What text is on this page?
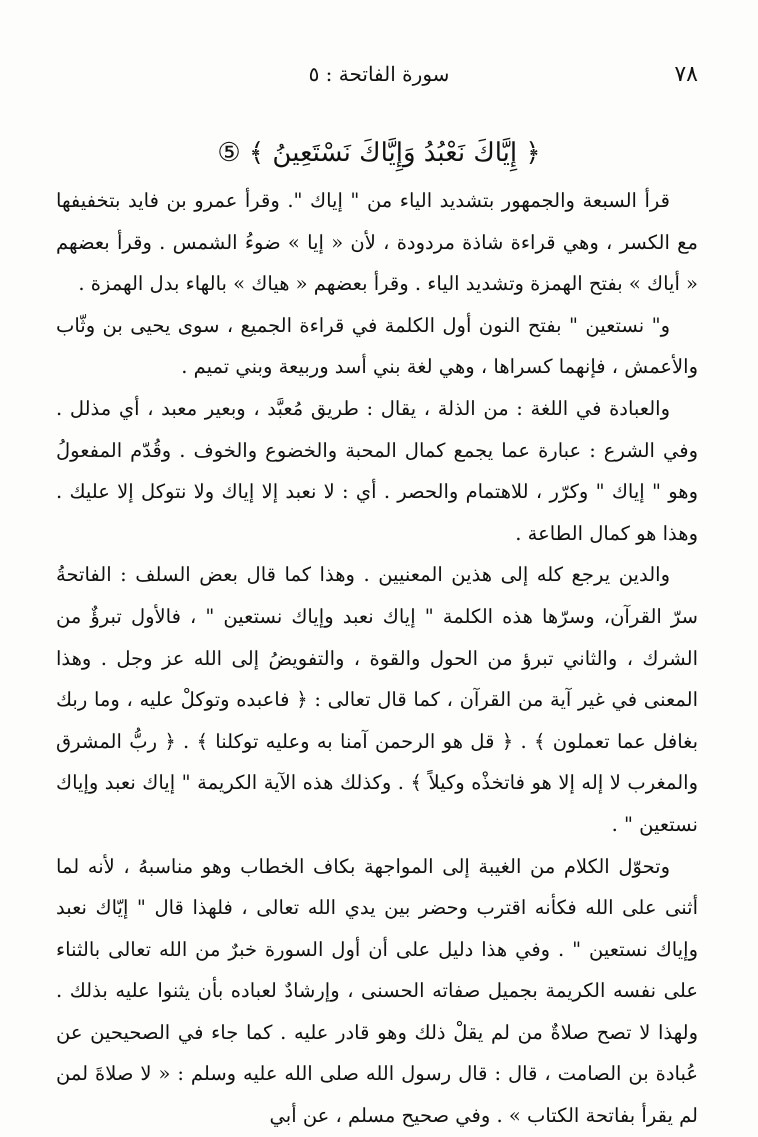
٧٨
سورة الفاتحة : ٥
﴿ إِيَّاكَ نَعْبُدُ وَإِيَّاكَ نَسْتَعِينُ ﴾ ⑤

قرأ السبعة والجمهور بتشديد الياء من " إياك ". وقرأ عمرو بن فايد بتخفيفها مع الكسر ، وهي قراءة شاذة مردودة ، لأن « إيا » ضوءُ الشمس . وقرأ بعضهم « أياك » بفتح الهمزة وتشديد الياء . وقرأ بعضهم « هياك » بالهاء بدل الهمزة .

و" نستعين " بفتح النون أول الكلمة في قراءة الجميع ، سوى يحيى بن وثّاب والأعمش ، فإنهما كسراها ، وهي لغة بني أسد وربيعة وبني تميم .

والعبادة في اللغة : من الذلة ، يقال : طريق مُعبَّد ، وبعير معبد ، أي مذلل . وفي الشرع : عبارة عما يجمع كمال المحبة والخضوع والخوف . وقُدّم المفعولُ وهو " إياك " وكرّر ، للاهتمام والحصر . أي : لا نعبد إلا إياك ولا نتوكل إلا عليك . وهذا هو كمال الطاعة .

والدين يرجع كله إلى هذين المعنيين . وهذا كما قال بعض السلف : الفاتحةُ سرّ القرآن، وسرّها هذه الكلمة " إياك نعبد وإياك نستعين " ، فالأول تبرؤٌ من الشرك ، والثاني تبرؤ من الحول والقوة ، والتفويضُ إلى الله عز وجل . وهذا المعنى في غير آية من القرآن ، كما قال تعالى : ﴿ فاعبده وتوكلْ عليه ، وما ربك بغافل عما تعملون ﴾ . ﴿ قل هو الرحمن آمنا به وعليه توكلنا ﴾ . ﴿ ربُّ المشرق والمغرب لا إله إلا هو فاتخذْه وكيلاً ﴾ . وكذلك هذه الآية الكريمة " إياك نعبد وإياك نستعين " .

وتحوّل الكلام من الغيبة إلى المواجهة بكاف الخطاب وهو مناسبهُ ، لأنه لما أثنى على الله فكأنه اقترب وحضر بين يدي الله تعالى ، فلهذا قال " إيّاك نعبد وإياك نستعين " . وفي هذا دليل على أن أول السورة خبرٌ من الله تعالى بالثناء على نفسه الكريمة بجميل صفاته الحسنى ، وإرشادٌ لعباده بأن يثنوا عليه بذلك . ولهذا لا تصح صلاةٌ من لم يقلْ ذلك وهو قادر عليه . كما جاء في الصحيحين عن عُبادة بن الصامت ، قال : قال رسول الله صلى الله عليه وسلم : « لا صلاةَ لمن لم يقرأ بفاتحة الكتاب » . وفي صحيح مسلم ، عن أبي
